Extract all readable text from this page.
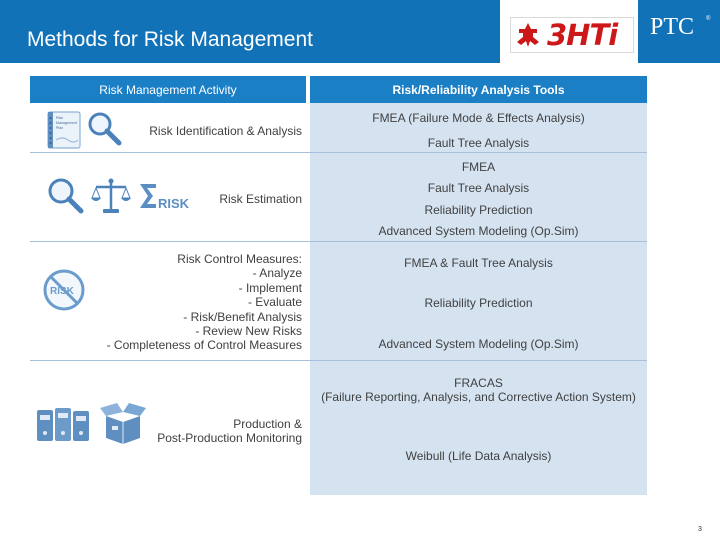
Methods for Risk Management	3HTi PTC ®
Risk Management Activity	Risk/Reliability Analysis Tools
Risk Identification & Analysis
FMEA (Failure Mode & Effects Analysis)
Fault Tree Analysis
Risk
Management
Plan
Risk Estimation
FMEA
Fault Tree Analysis
Reliability Prediction
Advanced System Modeling (Op.Sim)
RISK
Risk Control Measures:
- Analyze
- Implement
- Evaluate
- Risk/Benefit Analysis
- Review New Risks
- Completeness of Control Measures
FMEA & Fault Tree Analysis
Reliability Prediction
Advanced System Modeling (Op.Sim)
RISK
Production &
Post-Production Monitoring
FRACAS
(Failure Reporting, Analysis, and Corrective Action System)
Weibull (Life Data Analysis)
3
